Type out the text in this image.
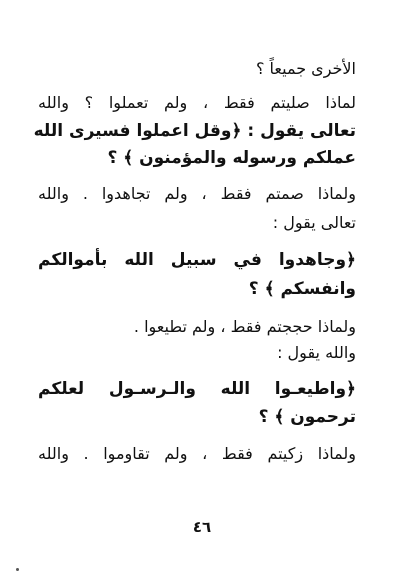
الأخرى جميعاً ؟
لماذا صليتم فقط ، ولم تعملوا ؟ والله
تعالى يقول : ﴿وقل اعملوا فسيرى الله
عملكم ورسوله والمؤمنون ﴾ ؟
ولماذا صمتم فقط ، ولم تجاهدوا . والله
تعالى يقول :
﴿وجاهدوا في سبيل الله بأموالكم
وانفسكم ﴾ ؟
ولماذا حججتم فقط ، ولم تطيعوا .
والله يقول :
﴿واطيعـوا الله والـرسـول لعلكم
ترحمون ﴾ ؟
ولماذا زكيتم فقط ، ولم تقاوموا . والله
٤٦
